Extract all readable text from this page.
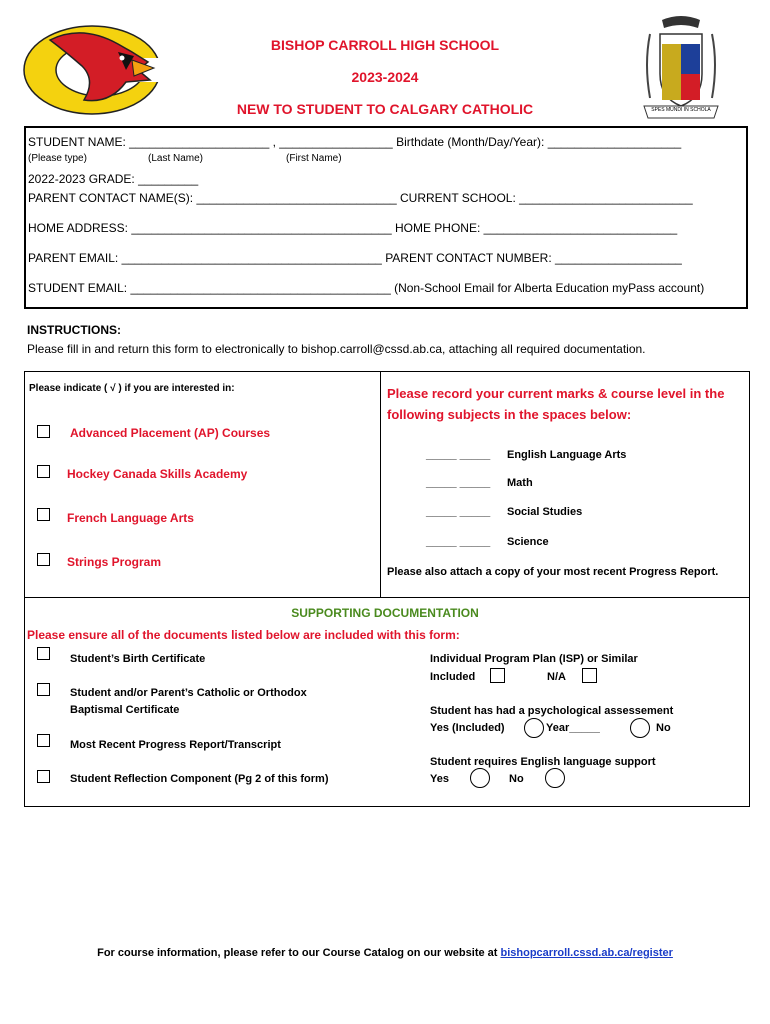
BISHOP CARROLL HIGH SCHOOL
2023-2024
NEW TO STUDENT TO CALGARY CATHOLIC	SPES MUNDI IN SCHOLA
STUDENT NAME: _____________________ , _________________ Birthdate (Month/Day/Year): ____________________
(Please type)	(Last Name)	(First Name)
2022-2023 GRADE: _________
PARENT CONTACT NAME(S): ______________________________ CURRENT SCHOOL: __________________________
HOME ADDRESS: _______________________________________ HOME PHONE: _____________________________
PARENT EMAIL: _______________________________________ PARENT CONTACT NUMBER: ___________________
STUDENT EMAIL: _______________________________________ (Non-School Email for Alberta Education myPass account)
INSTRUCTIONS:
Please fill in and return this form to electronically to bishop.carroll@cssd.ab.ca, attaching all required documentation.
Please indicate ( √ ) if you are interested in:
Advanced Placement (AP) Courses
Hockey Canada Skills Academy
French Language Arts
Strings Program
Please record your current marks & course level in the following subjects in the spaces below:
_____ _____ English Language Arts
_____ _____ Math
_____ _____ Social Studies
_____ _____ Science
Please also attach a copy of your most recent Progress Report.
SUPPORTING DOCUMENTATION
Please ensure all of the documents listed below are included with this form:
Student’s Birth Certificate
Student and/or Parent’s Catholic or Orthodox
Baptismal Certificate
Most Recent Progress Report/Transcript
Student Reflection Component (Pg 2 of this form)
Individual Program Plan (ISP) or Similar
Included	N/A
Student has had a psychological assessement
Yes (Included)	Year_____	No
Student requires English language support
Yes	No
For course information, please refer to our Course Catalog on our website at bishopcarroll.cssd.ab.ca/register
